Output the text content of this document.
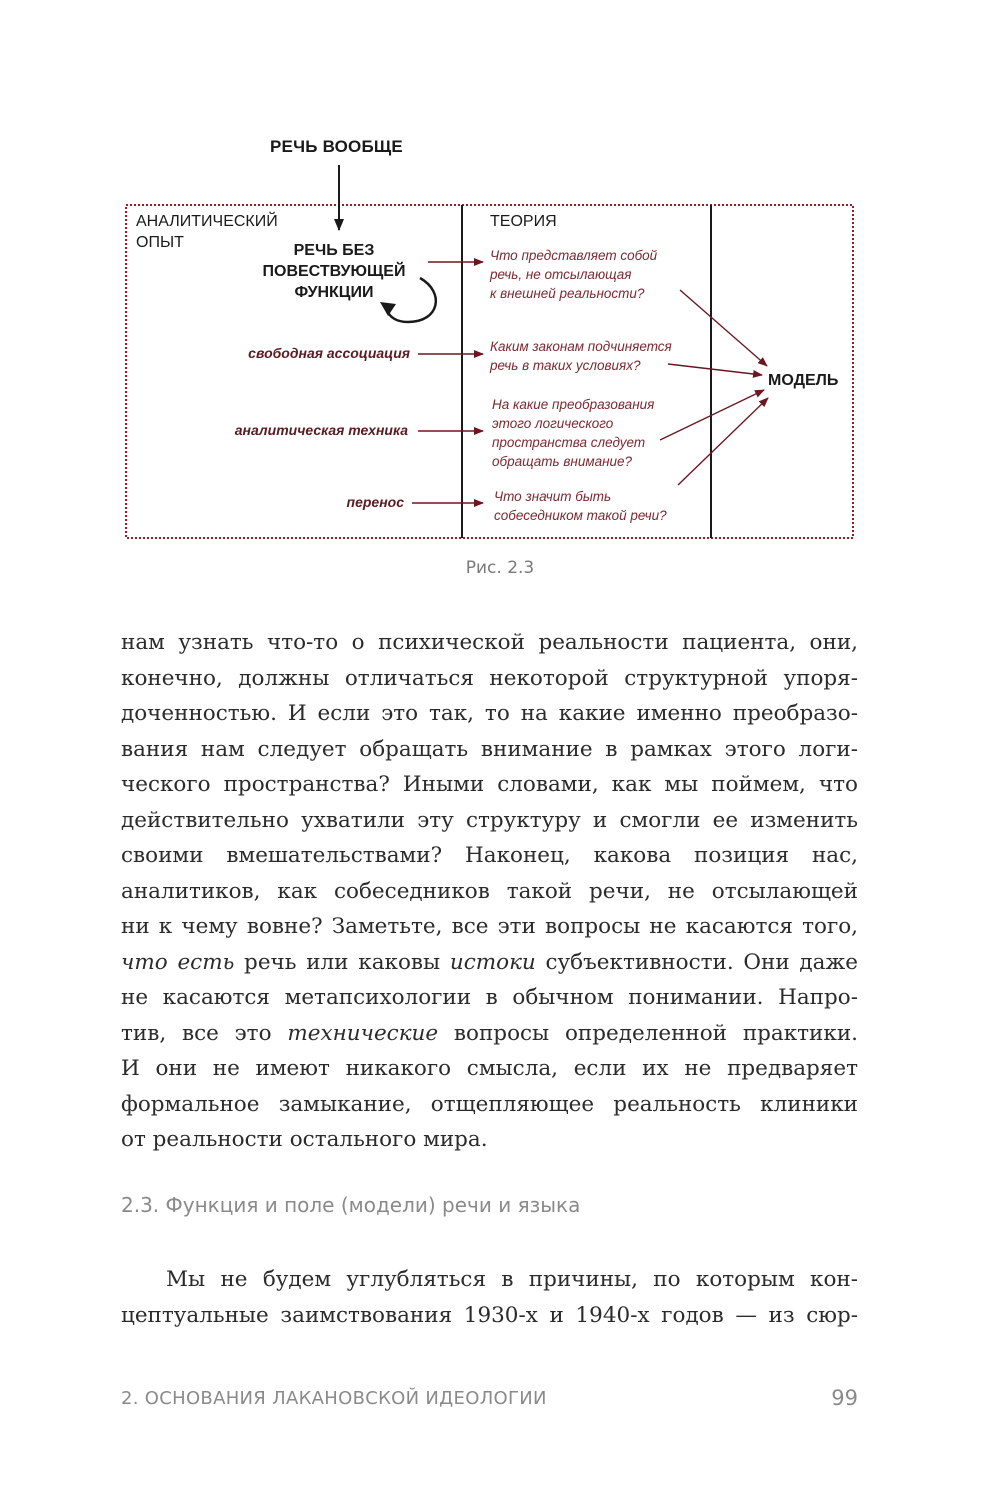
РЕЧЬ ВООБЩЕ
АНАЛИТИЧЕСКИЙ
ОПЫТ
ТЕОРИЯ
РЕЧЬ БЕЗ
ПОВЕСТВУЮЩЕЙ
ФУНКЦИИ
свободная ассоциация
аналитическая техника
перенос
Что представляет собой
речь, не отсылающая
к внешней реальности?
Каким законам подчиняется
речь в таких условиях?
На какие преобразования
этого логического
пространства следует
обращать внимание?
Что значит быть
собеседником такой речи?
МОДЕЛЬ
Рис. 2.3
нам узнать что-то о психической реальности пациента, они,
конечно, должны отличаться некоторой структурной упоря-
доченностью. И если это так, то на какие именно преобразо-
вания нам следует обращать внимание в рамках этого логи-
ческого пространства? Иными словами, как мы поймем, что
действительно ухватили эту структуру и смогли ее изменить
своими вмешательствами? Наконец, какова позиция нас,
аналитиков, как собеседников такой речи, не отсылающей
ни к чему вовне? Заметьте, все эти вопросы не касаются того,
что есть речь или каковы истоки субъективности. Они даже
не касаются метапсихологии в обычном понимании. Напро-
тив, все это технические вопросы определенной практики.
И они не имеют никакого смысла, если их не предваряет
формальное замыкание, отщепляющее реальность клиники
от реальности остального мира.
2.3. Функция и поле (модели) речи и языка
Мы не будем углубляться в причины, по которым кон-
цептуальные заимствования 1930-х и 1940-х годов — из сюр-
2. ОСНОВАНИЯ ЛАКАНОВСКОЙ ИДЕОЛОГИИ	99
